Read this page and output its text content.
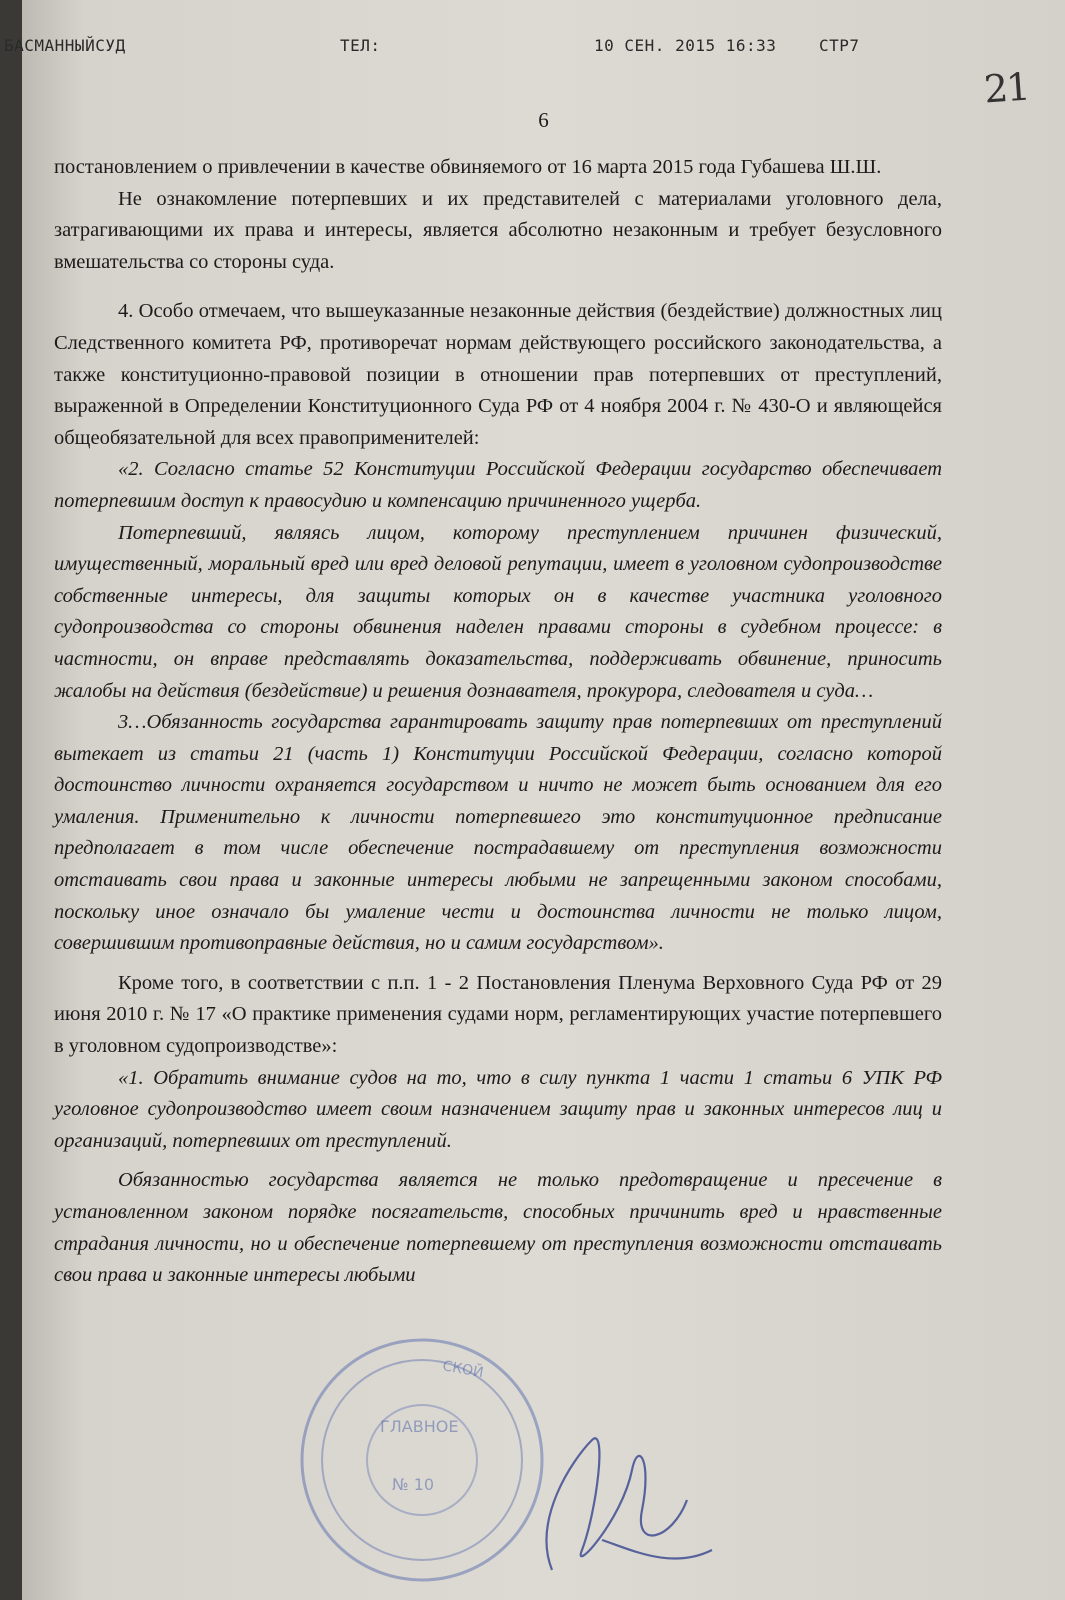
БАСМАННЫЙСУД	ТЕЛ:	10 СЕН. 2015 16:33	СТР7
21
6

постановлением о привлечении в качестве обвиняемого от 16 марта 2015 года Губашева Ш.Ш.

Не ознакомление потерпевших и их представителей с материалами уголовного дела, затрагивающими их права и интересы, является абсолютно незаконным и требует безусловного вмешательства со стороны суда.

4. Особо отмечаем, что вышеуказанные незаконные действия (бездействие) должностных лиц Следственного комитета РФ, противоречат нормам действующего российского законодательства, а также конституционно-правовой позиции в отношении прав потерпевших от преступлений, выраженной в Определении Конституционного Суда РФ от 4 ноября 2004 г. № 430-О и являющейся общеобязательной для всех правоприменителей:

«2. Согласно статье 52 Конституции Российской Федерации государство обеспечивает потерпевшим доступ к правосудию и компенсацию причиненного ущерба.

Потерпевший, являясь лицом, которому преступлением причинен физический, имущественный, моральный вред или вред деловой репутации, имеет в уголовном судопроизводстве собственные интересы, для защиты которых он в качестве участника уголовного судопроизводства со стороны обвинения наделен правами стороны в судебном процессе: в частности, он вправе представлять доказательства, поддерживать обвинение, приносить жалобы на действия (бездействие) и решения дознавателя, прокурора, следователя и суда…

3…Обязанность государства гарантировать защиту прав потерпевших от преступлений вытекает из статьи 21 (часть 1) Конституции Российской Федерации, согласно которой достоинство личности охраняется государством и ничто не может быть основанием для его умаления. Применительно к личности потерпевшего это конституционное предписание предполагает в том числе обеспечение пострадавшему от преступления возможности отстаивать свои права и законные интересы любыми не запрещенными законом способами, поскольку иное означало бы умаление чести и достоинства личности не только лицом, совершившим противоправные действия, но и самим государством».

Кроме того, в соответствии с п.п. 1 - 2 Постановления Пленума Верховного Суда РФ от 29 июня 2010 г. № 17 «О практике применения судами норм, регламентирующих участие потерпевшего в уголовном судопроизводстве»:

«1. Обратить внимание судов на то, что в силу пункта 1 части 1 статьи 6 УПК РФ уголовное судопроизводство имеет своим назначением защиту прав и законных интересов лиц и организаций, потерпевших от преступлений.

Обязанностью государства является не только предотвращение и пресечение в установленном законом порядке посягательств, способных причинить вред и нравственные страдания личности, но и обеспечение потерпевшему от преступления возможности отстаивать свои права и законные интересы любыми

СКОЙ
ГЛАВНОЕ
№ 10
